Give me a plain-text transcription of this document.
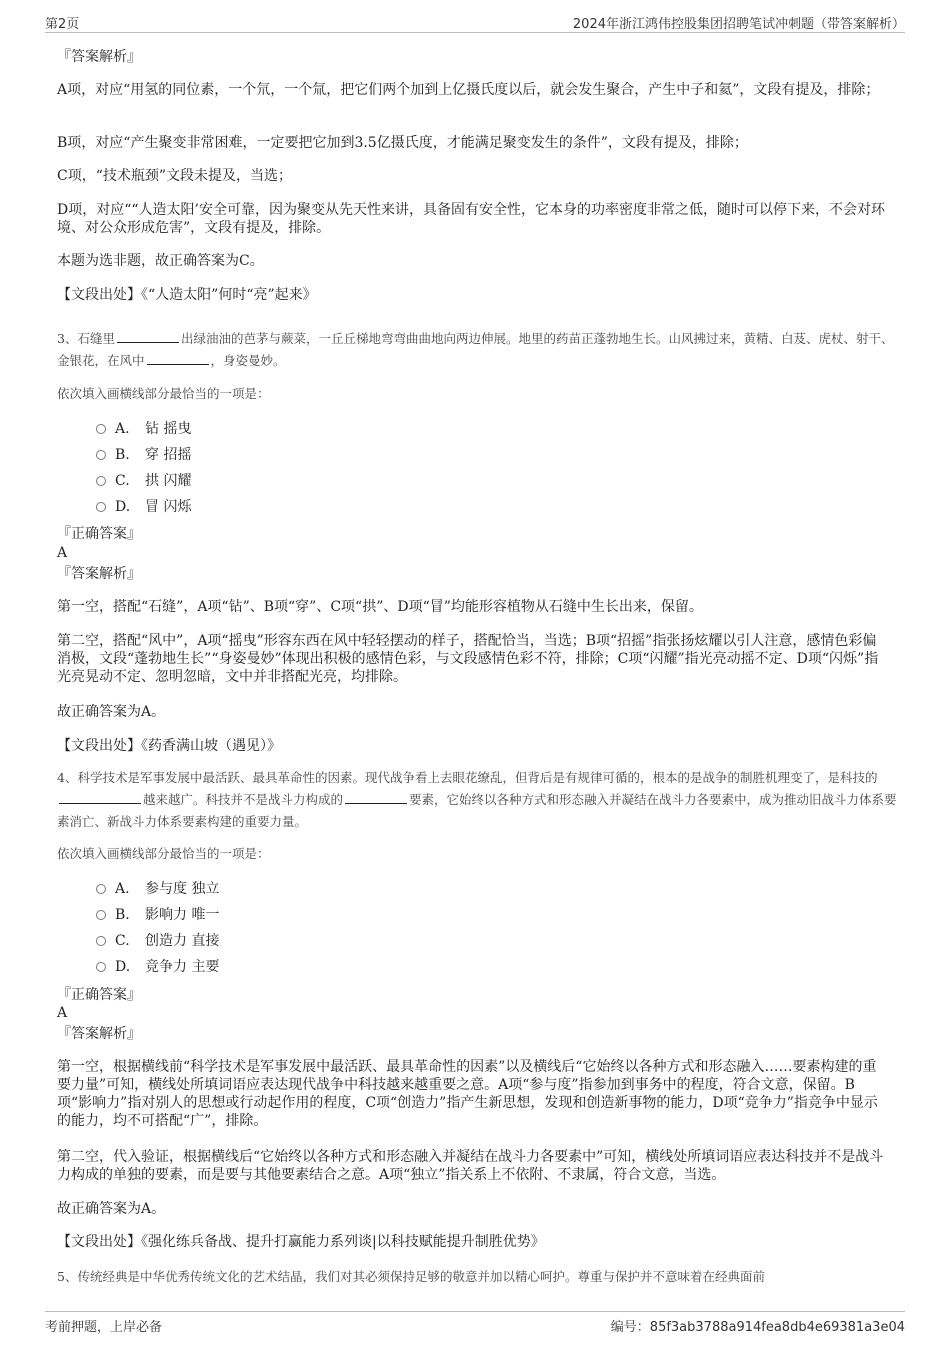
第2页	2024年浙江鸿伟控股集团招聘笔试冲刺题（带答案解析）
『答案解析』

A项，对应“用氢的同位素，一个氘，一个氚，把它们两个加到上亿摄氏度以后，就会发生聚合，产生中子和氦”，文段有提及，排除；

B项，对应“产生聚变非常困难，一定要把它加到3.5亿摄氏度，才能满足聚变发生的条件”，文段有提及，排除；

C项，“技术瓶颈”文段未提及，当选；

D项，对应““人造太阳’安全可靠，因为聚变从先天性来讲，具备固有安全性，它本身的功率密度非常之低，随时可以停下来，不会对环境、对公众形成危害”，文段有提及，排除。

本题为选非题，故正确答案为C。

【文段出处】《“人造太阳”何时“亮”起来》

3、石缝里	出绿油油的芭茅与蕨菜，一丘丘梯地弯弯曲曲地向两边伸展。地里的药苗正蓬勃地生长。山风拂过来，黄精、白芨、虎杖、射干、金银花，在风中	，身姿曼妙。

依次填入画横线部分最恰当的一项是：

A. 钻 摇曳
B. 穿 招摇
C. 拱 闪耀
D. 冒 闪烁
『正确答案』
A
『答案解析』

第一空，搭配“石缝”，A项“钻”、B项“穿”、C项“拱”、D项“冒”均能形容植物从石缝中生长出来，保留。

第二空，搭配“风中”，A项“摇曳”形容东西在风中轻轻摆动的样子，搭配恰当，当选；B项“招摇”指张扬炫耀以引人注意，感情色彩偏消极，文段“蓬勃地生长”“身姿曼妙”体现出积极的感情色彩，与文段感情色彩不符，排除；C项“闪耀”指光亮动摇不定、D项“闪烁”指光亮晃动不定、忽明忽暗，文中并非搭配光亮，均排除。

故正确答案为A。

【文段出处】《药香满山坡（遇见）》

4、科学技术是军事发展中最活跃、最具革命性的因素。现代战争看上去眼花缭乱，但背后是有规律可循的，根本的是战争的制胜机理变了，是科技的越来越广。科技并不是战斗力构成的	要素，它始终以各种方式和形态融入并凝结在战斗力各要素中，成为推动旧战斗力体系要素消亡、新战斗力体系要素构建的重要力量。

依次填入画横线部分最恰当的一项是：

A. 参与度 独立
B. 影响力 唯一
C. 创造力 直接
D. 竞争力 主要
『正确答案』
A
『答案解析』

第一空，根据横线前“科学技术是军事发展中最活跃、最具革命性的因素”以及横线后“它始终以各种方式和形态融入……要素构建的重要力量”可知，横线处所填词语应表达现代战争中科技越来越重要之意。A项“参与度”指参加到事务中的程度，符合文意，保留。B项“影响力”指对别人的思想或行动起作用的程度，C项“创造力”指产生新思想，发现和创造新事物的能力，D项“竞争力”指竞争中显示的能力，均不可搭配“广”，排除。

第二空，代入验证，根据横线后“它始终以各种方式和形态融入并凝结在战斗力各要素中”可知，横线处所填词语应表达科技并不是战斗力构成的单独的要素，而是要与其他要素结合之意。A项“独立”指关系上不依附、不隶属，符合文意，当选。

故正确答案为A。

【文段出处】《强化练兵备战、提升打赢能力系列谈|以科技赋能提升制胜优势》

5、传统经典是中华优秀传统文化的艺术结晶，我们对其必须保持足够的敬意并加以精心呵护。尊重与保护并不意味着在经典面前

考前押题，上岸必备	编号：85f3ab3788a914fea8db4e69381a3e04
